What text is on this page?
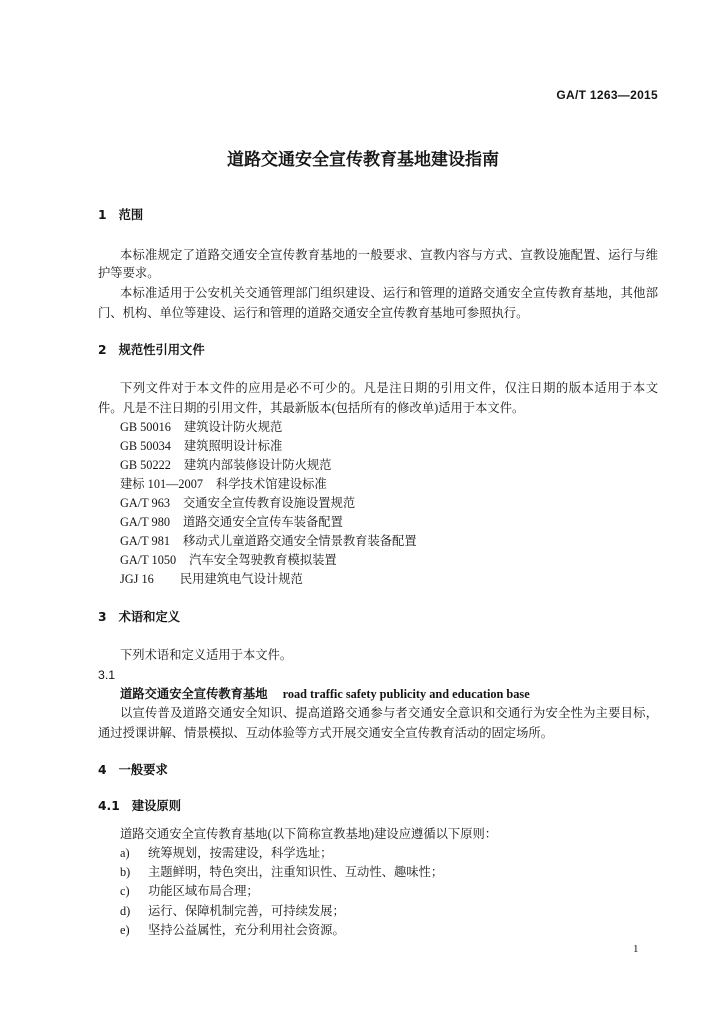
GA/T 1263—2015
道路交通安全宣传教育基地建设指南
1 范围
本标准规定了道路交通安全宣传教育基地的一般要求、宣教内容与方式、宣教设施配置、运行与维
护等要求。
本标准适用于公安机关交通管理部门组织建设、运行和管理的道路交通安全宣传教育基地，其他部
门、机构、单位等建设、运行和管理的道路交通安全宣传教育基地可参照执行。
2 规范性引用文件
下列文件对于本文件的应用是必不可少的。凡是注日期的引用文件，仅注日期的版本适用于本文
件。凡是不注日期的引用文件，其最新版本(包括所有的修改单)适用于本文件。
GB 50016 建筑设计防火规范
GB 50034 建筑照明设计标准
GB 50222 建筑内部装修设计防火规范
建标 101—2007 科学技术馆建设标准
GA/T 963 交通安全宣传教育设施设置规范
GA/T 980 道路交通安全宣传车装备配置
GA/T 981 移动式儿童道路交通安全情景教育装备配置
GA/T 1050 汽车安全驾驶教育模拟装置
JGJ 16 民用建筑电气设计规范
3 术语和定义
下列术语和定义适用于本文件。
3.1
道路交通安全宣传教育基地 road traffic safety publicity and education base
以宣传普及道路交通安全知识、提高道路交通参与者交通安全意识和交通行为安全性为主要目标，
通过授课讲解、情景模拟、互动体验等方式开展交通安全宣传教育活动的固定场所。
4 一般要求
4.1 建设原则
道路交通安全宣传教育基地(以下简称宣教基地)建设应遵循以下原则：
a) 统筹规划，按需建设，科学选址；
b) 主题鲜明，特色突出，注重知识性、互动性、趣味性；
c) 功能区域布局合理；
d) 运行、保障机制完善，可持续发展；
e) 坚持公益属性，充分利用社会资源。
1
